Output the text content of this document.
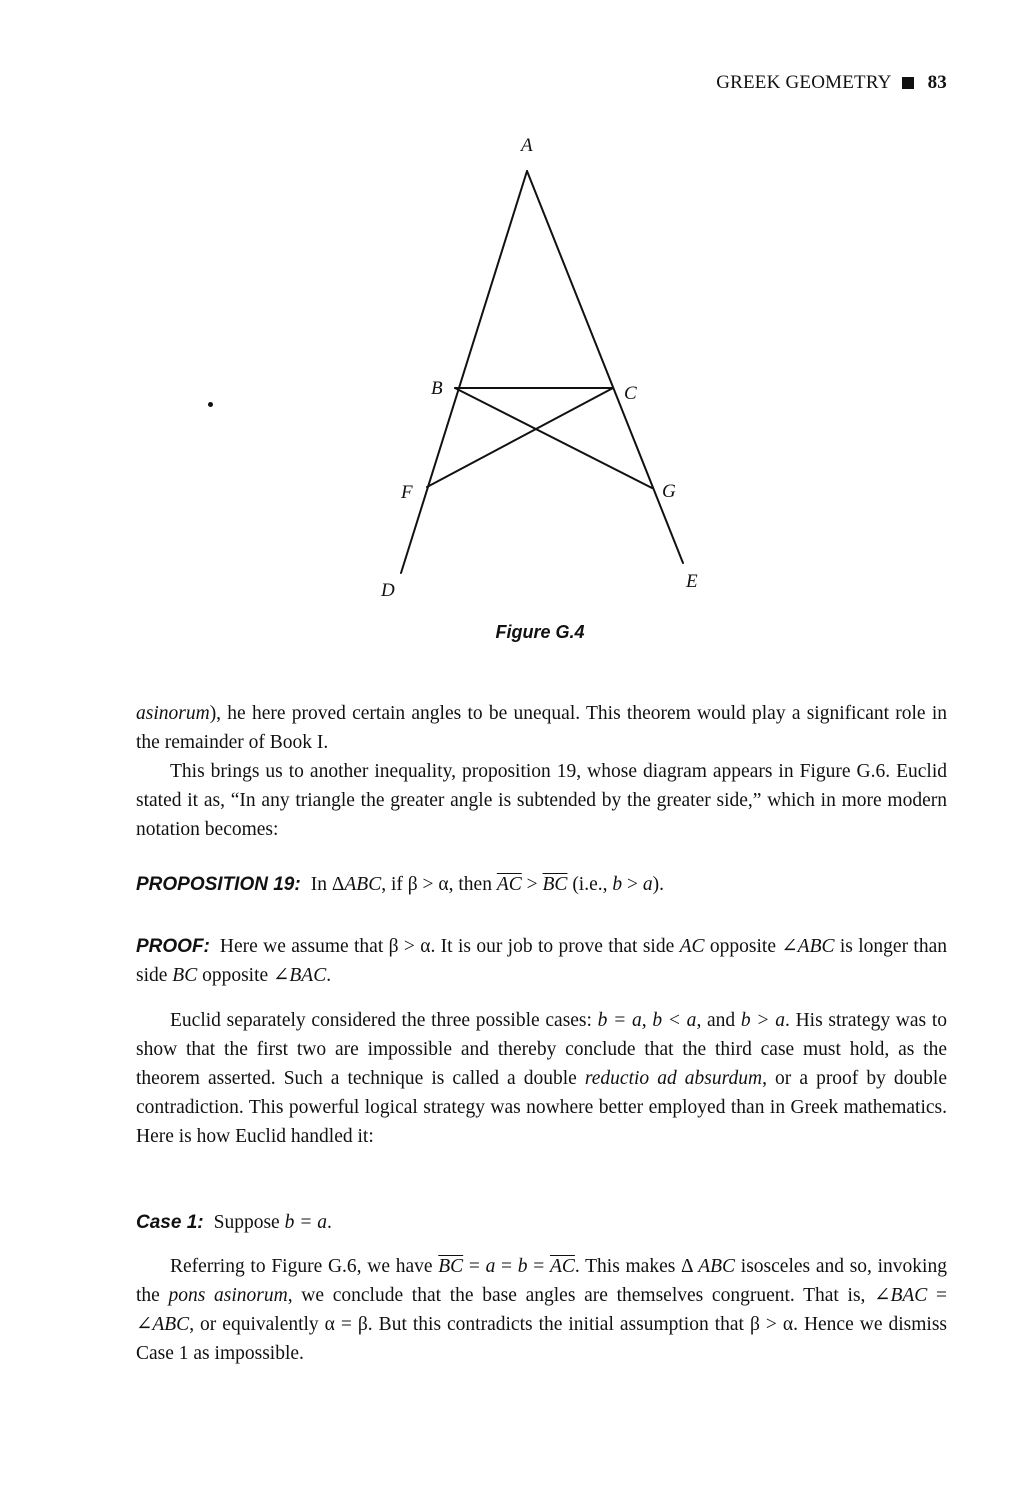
GREEK GEOMETRY 83
A
B	C
F	G
D	E
Figure G.4

asinorum), he here proved certain angles to be unequal. This theorem would play a significant role in the remainder of Book I.

This brings us to another inequality, proposition 19, whose diagram appears in Figure G.6. Euclid stated it as, “In any triangle the greater angle is subtended by the greater side,” which in more modern notation becomes:

PROPOSITION 19: In ΔABC, if β > α, then $\overline{AC} > \overline{BC}$ (i.e., b > a).

PROOF: Here we assume that β > α. It is our job to prove that side AC opposite ∠ABC is longer than side BC opposite ∠BAC.

Euclid separately considered the three possible cases: b = a, b < a, and b > a. His strategy was to show that the first two are impossible and thereby conclude that the third case must hold, as the theorem asserted. Such a technique is called a double reductio ad absurdum, or a proof by double contradiction. This powerful logical strategy was nowhere better employed than in Greek mathematics. Here is how Euclid handled it:

Case 1: Suppose b = a.

Referring to Figure G.6, we have $\overline{BC} = a = b = \overline{AC}$. This makes Δ ABC isosceles and so, invoking the pons asinorum, we conclude that the base angles are themselves congruent. That is, ∠BAC = ∠ABC, or equivalently α = β. But this contradicts the initial assumption that β > α. Hence we dismiss Case 1 as impossible.
